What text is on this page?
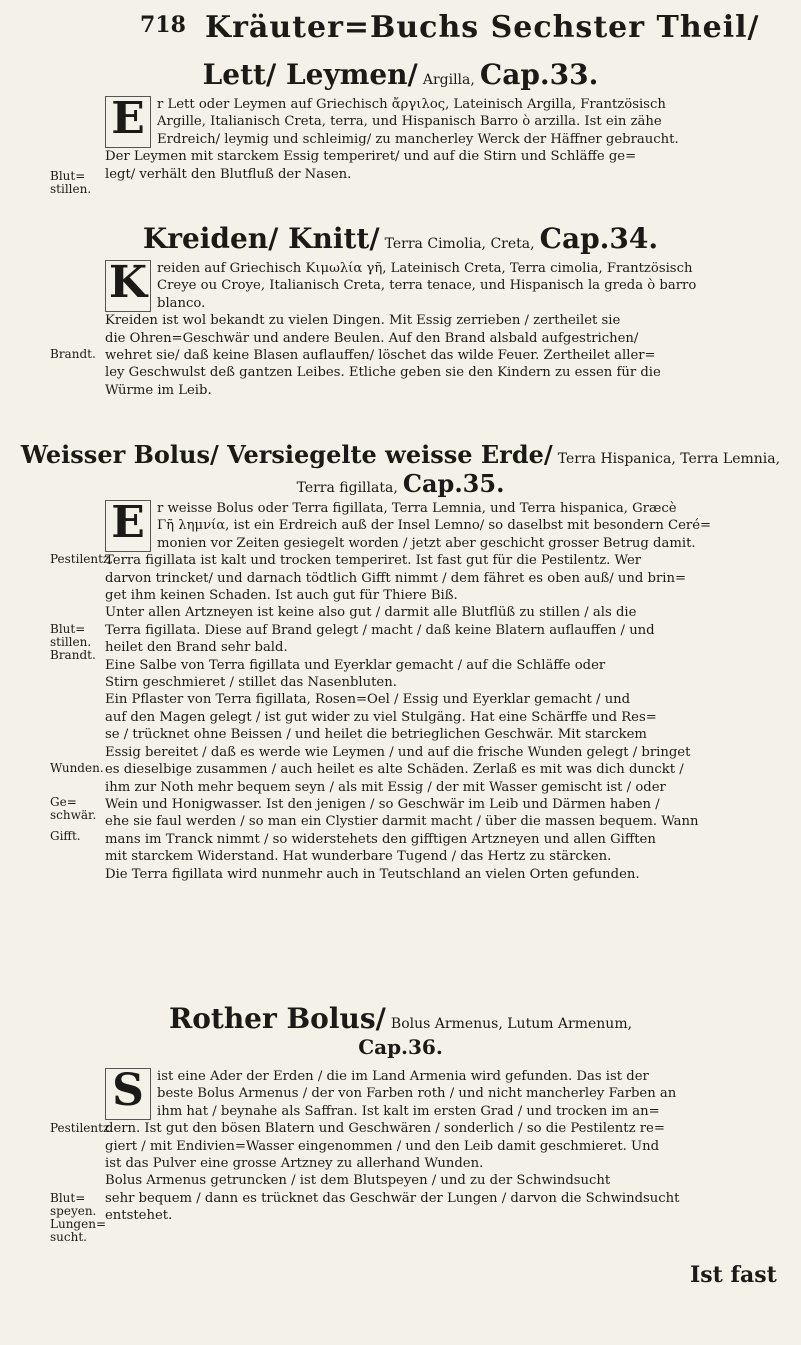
718 Kräuter=Buchs Sechster Theil/
Lett/ Leymen/ Argilla, Cap.33.
E r Lett oder Leymen auf Griechisch ἄργιλος, Lateinisch Argilla, Frantzösisch
Argille, Italianisch Creta, terra, und Hispanisch Barro ò arzilla. Ist ein zähe
Erdreich/ leymig und schleimig/ zu mancherley Werck der Häffner gebraucht.
Der Leymen mit starckem Essig temperiret/ und auf die Stirn und Schläffe ge=
legt/ verhält den Blutfluß der Nasen.
Blut= stillen.
Kreiden/ Knitt/ Terra Cimolia, Creta, Cap.34.
K reiden auf Griechisch Κιμωλία γῆ, Lateinisch Creta, Terra cimolia, Frantzösisch
Creye ou Croye, Italianisch Creta, terra tenace, und Hispanisch la greda ò barro
blanco.
Kreiden ist wol bekandt zu vielen Dingen. Mit Essig zerrieben / zertheilet sie
die Ohren=Geschwär und andere Beulen. Auf den Brand alsbald aufgestrichen/
wehret sie/ daß keine Blasen auflauffen/ löschet das wilde Feuer. Zertheilet aller=
ley Geschwulst deß gantzen Leibes. Etliche geben sie den Kindern zu essen für die
Würme im Leib.
Brandt.
Weisser Bolus/ Versiegelte weisse Erde/ Terra Hispanica, Terra Lemnia, Terra figillata, Cap.35.
E r weisse Bolus oder Terra figillata, Terra Lemnia, und Terra hispanica, Græcè
Γῆ λημνία, ist ein Erdreich auß der Insel Lemno/ so daselbst mit besondern Ceré=
monien vor Zeiten gesiegelt worden / jetzt aber geschicht grosser Betrug damit.
Terra figillata ist kalt und trocken temperiret. Ist fast gut für die Pestilentz. Wer
darvon trincket/ und darnach tödtlich Gifft nimmt / dem fähret es oben auß/ und brin=
get ihm keinen Schaden. Ist auch gut für Thiere Biß.
Unter allen Artzneyen ist keine also gut / darmit alle Blutflüß zu stillen / als die
Terra figillata. Diese auf Brand gelegt / macht / daß keine Blatern auflauffen / und
heilet den Brand sehr bald.
Eine Salbe von Terra figillata und Eyerklar gemacht / auf die Schläffe oder
Stirn geschmieret / stillet das Nasenbluten.
Ein Pflaster von Terra figillata, Rosen=Oel / Essig und Eyerklar gemacht / und
auf den Magen gelegt / ist gut wider zu viel Stulgäng. Hat eine Schärffe und Res=
se / trücknet ohne Beissen / und heilet die betrieglichen Geschwär. Mit starckem
Essig bereitet / daß es werde wie Leymen / und auf die frische Wunden gelegt / bringet
es dieselbige zusammen / auch heilet es alte Schäden. Zerlaß es mit was dich dunckt /
ihm zur Noth mehr bequem seyn / als mit Essig / der mit Wasser gemischt ist / oder
Wein und Honigwasser. Ist den jenigen / so Geschwär im Leib und Därmen haben /
ehe sie faul werden / so man ein Clystier darmit macht / über die massen bequem. Wann
mans im Tranck nimmt / so widerstehets den gifftigen Artzneyen und allen Gifften
mit starckem Widerstand. Hat wunderbare Tugend / das Hertz zu stärcken.
Die Terra figillata wird nunmehr auch in Teutschland an vielen Orten gefunden.
Pestilentz.
Blut= stillen. Brandt.
Wunden.
Ge= schwär.
Gifft.
Rother Bolus/ Bolus Armenus, Lutum Armenum,
Cap.36.
S ist eine Ader der Erden / die im Land Armenia wird gefunden. Das ist der
beste Bolus Armenus / der von Farben roth / und nicht mancherley Farben an
ihm hat / beynahe als Saffran. Ist kalt im ersten Grad / und trocken im an=
dern. Ist gut den bösen Blatern und Geschwären / sonderlich / so die Pestilentz re=
giert / mit Endivien=Wasser eingenommen / und den Leib damit geschmieret. Und
ist das Pulver eine grosse Artzney zu allerhand Wunden.
Bolus Armenus getruncken / ist dem Blutspeyen / und zu der Schwindsucht
sehr bequem / dann es trücknet das Geschwär der Lungen / darvon die Schwindsucht
entstehet.
Pestilentz.
Blut= speyen. Lungen= sucht.
Ist fast
